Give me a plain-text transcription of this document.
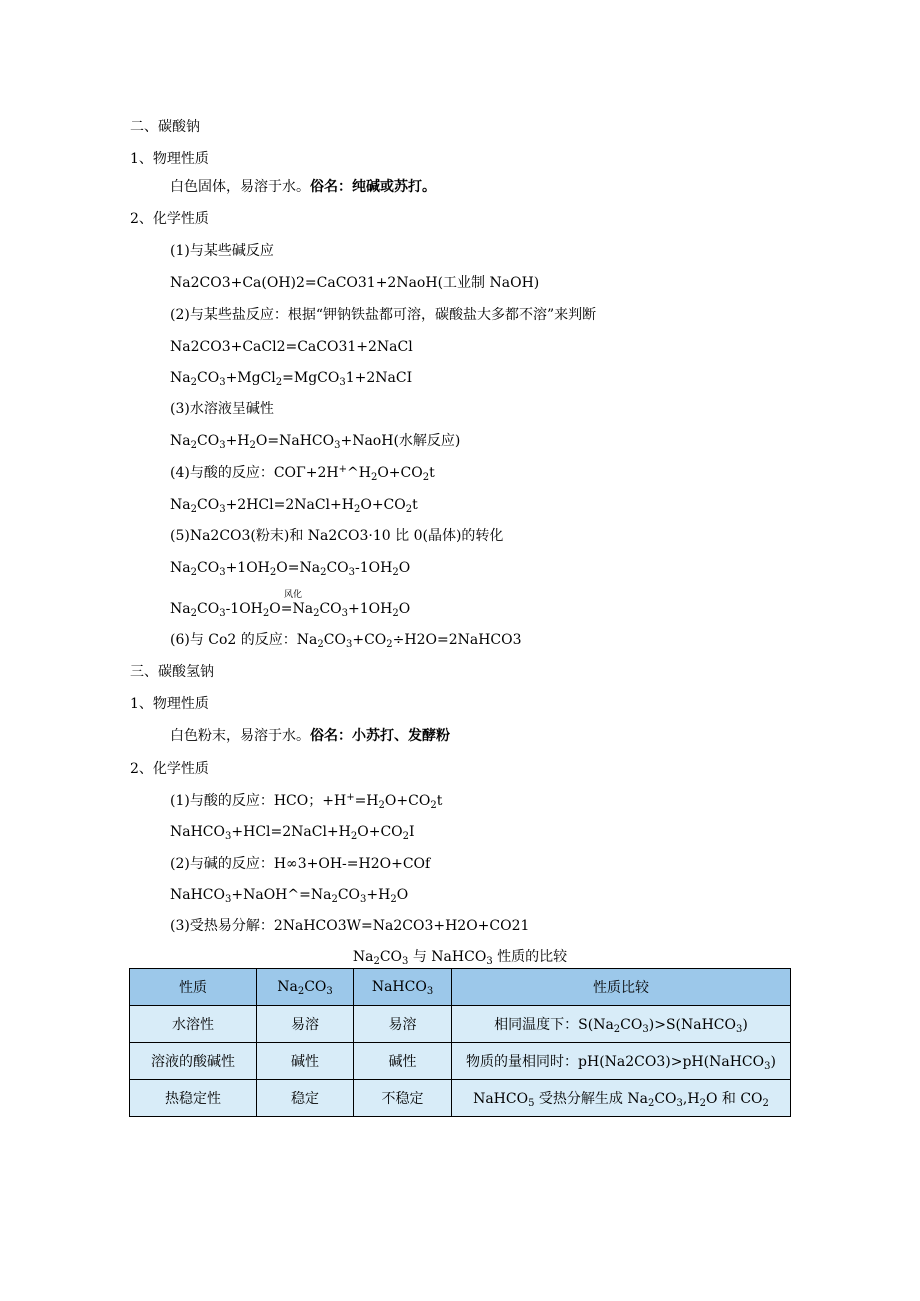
二、碳酸钠
1、物理性质
白色固体，易溶于水。俗名：纯碱或苏打。
2、化学性质
(1)与某些碱反应
Na2CO3+Ca(OH)2=CaCO31+2NaoH(工业制 NaOH)
(2)与某些盐反应：根据“钾钠铁盐都可溶，碳酸盐大多都不溶”来判断
Na2CO3+CaCl2=CaCO31+2NaCl
$Na_2CO_3+MgCl_2=MgCO_31+2NaCI$
(3)水溶液呈碱性
$Na_2CO_3+H_2O=NaHCO_3+NaoH$(水解反应)
(4)与酸的反应：$CO\Gamma+2H^+\^{}H_2O+CO_2t$
$Na_2CO_3+2HCl=2NaCl+H_2O+CO_2t$
(5)Na2CO3(粉末)和 Na2CO3·10 比 0(晶体)的转化
$Na_2CO_3+1OH_2O=Na_2CO_3-1OH_2O$
风化
$Na_2CO_3-1OH_2O=Na_2CO_3+1OH_2O$
(6)与 Co2 的反应：$Na_2CO_3+CO_2\div H2O=2NaHCO3$
三、碳酸氢钠
1、物理性质
白色粉末，易溶于水。俗名：小苏打、发酵粉
2、化学性质
(1)与酸的反应：HCO；$+H^+=H_2O+CO_2t$
$NaHCO_3+HCl=2NaCl+H_2O+CO_2I$
(2)与碱的反应：H∞3+OH-=H2O+COf
$NaHCO_3+NaOH\^{}=Na_2CO_3+H_2O$
(3)受热易分解：2NaHCO3W=Na2CO3+H2O+CO21
$Na_2CO_3$ 与 NaHCO$_3$ 性质的比较
性质	$Na_2CO_3$	NaHCO$_3$	性质比较
水溶性	易溶	易溶	相同温度下：$S(Na_2CO_3)>S(NaHCO_3)$
溶液的酸碱性	碱性	碱性	物质的量相同时：pH(Na2CO3)>pH(NaHCO$_3$)
热稳定性	稳定	不稳定	NaHCO$_5$ 受热分解生成 $Na_2CO_3,H_2O$ 和 $CO_2$
